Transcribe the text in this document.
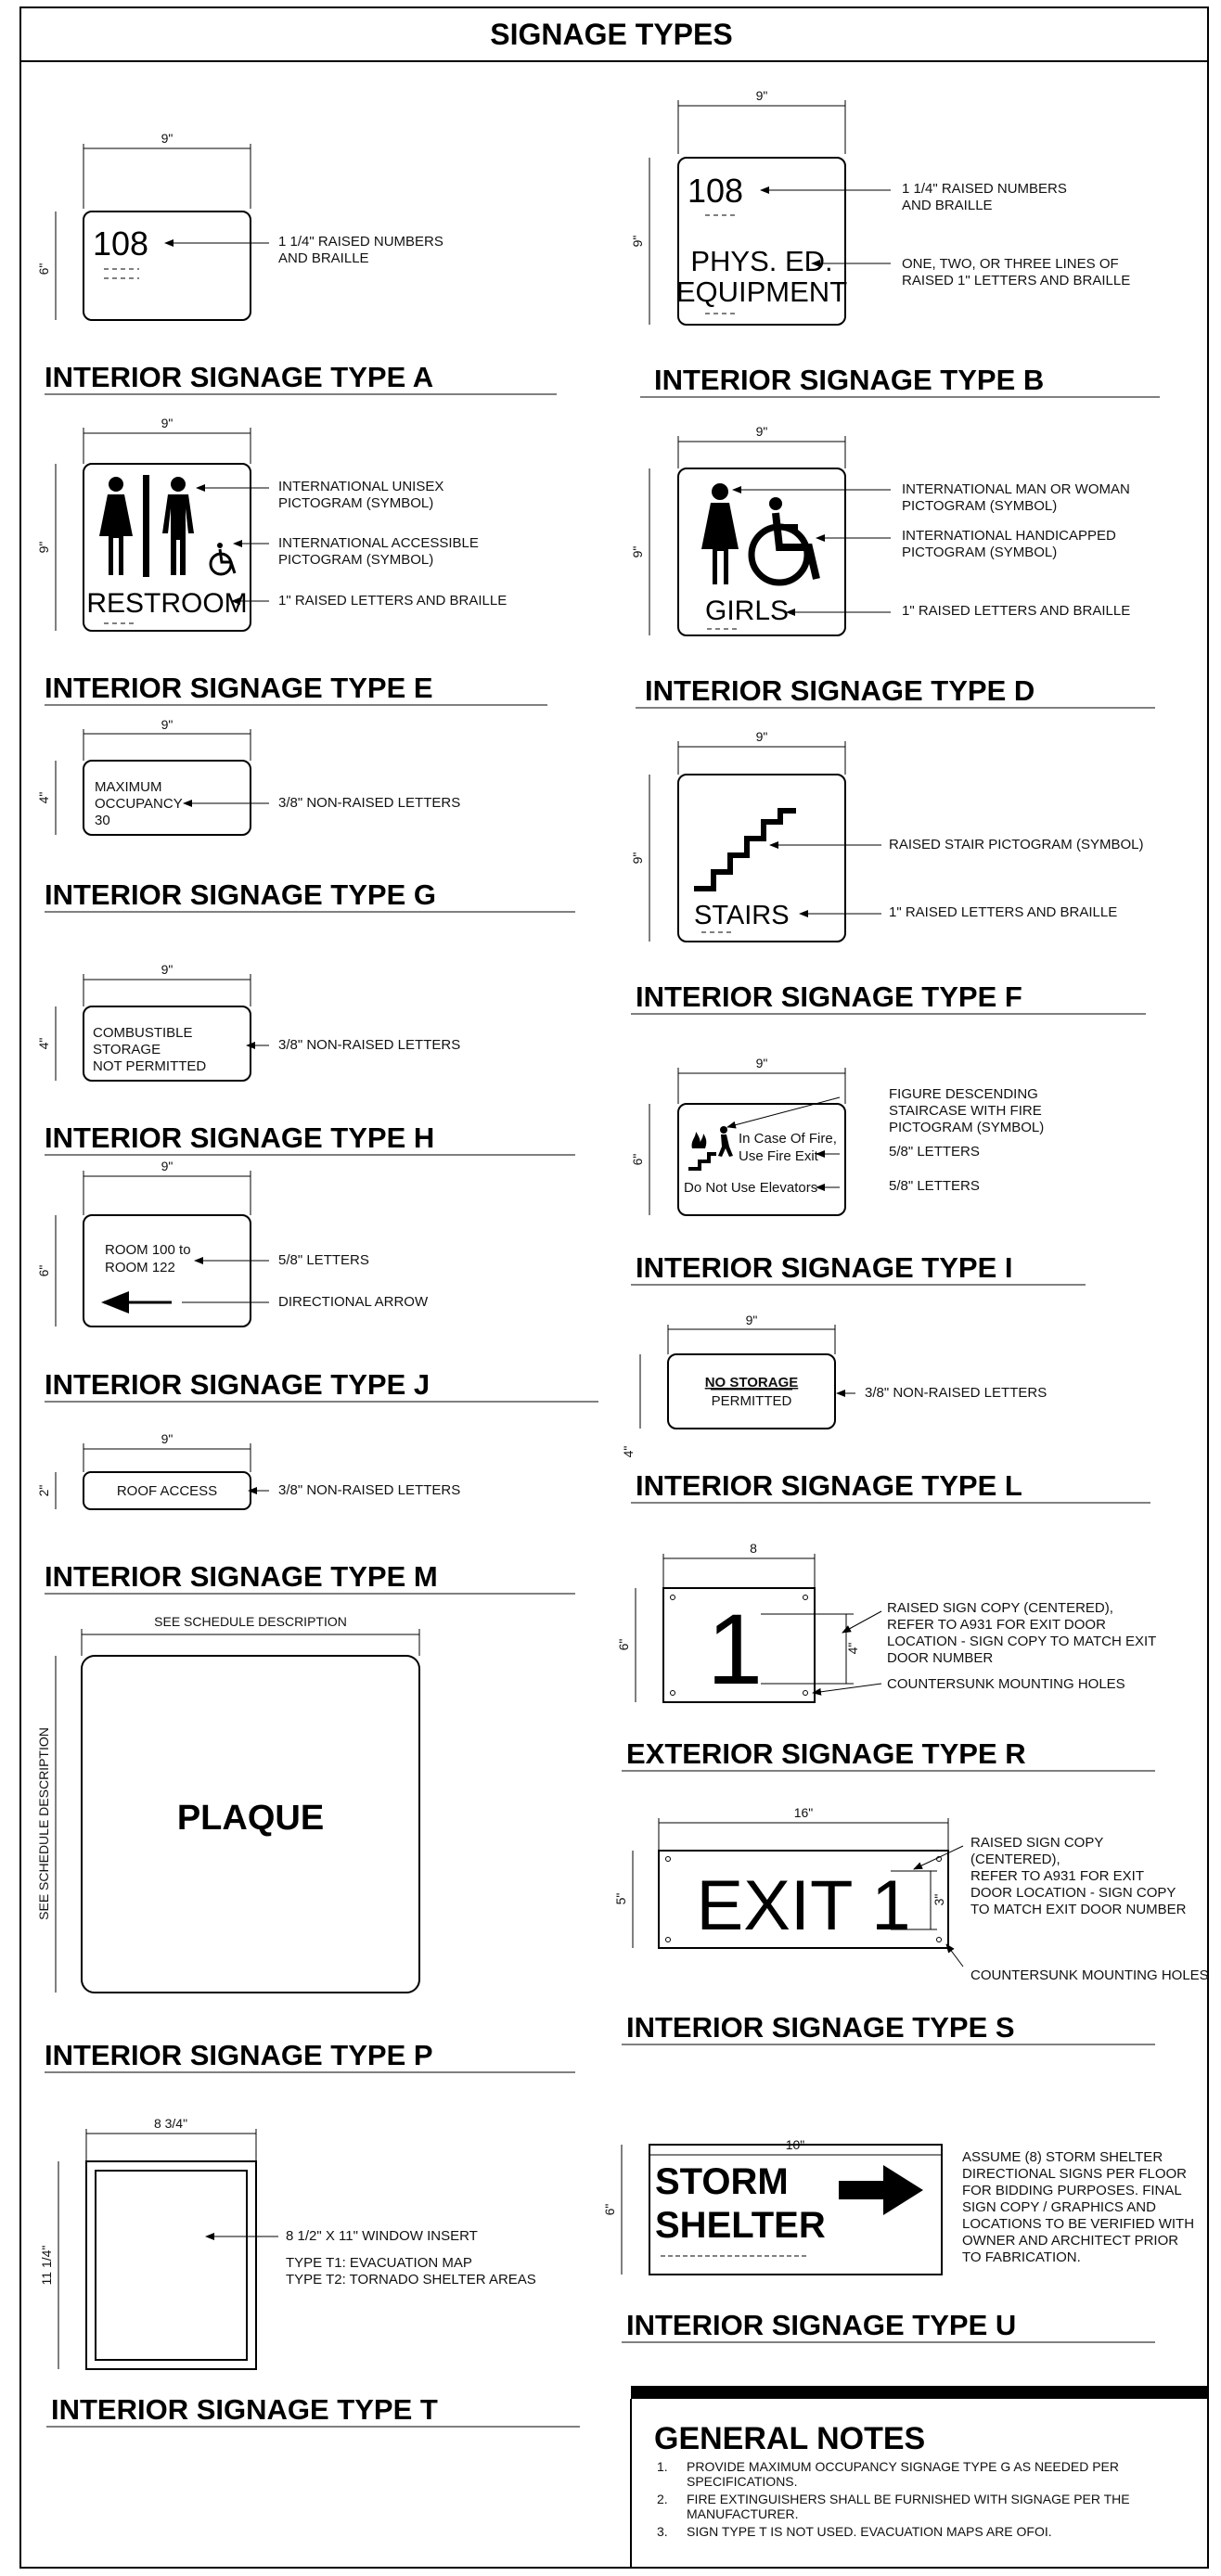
SIGNAGE TYPES
9"
6"
108	1 1/4" RAISED NUMBERS
AND BRAILLE
INTERIOR SIGNAGE TYPE A
9"
9"
108
PHYS. ED.
EQUIPMENT
1 1/4" RAISED NUMBERS
AND BRAILLE
ONE, TWO, OR THREE LINES OF
RAISED 1" LETTERS AND BRAILLE
INTERIOR SIGNAGE TYPE B
9"
9"
RESTROOM
INTERNATIONAL UNISEX
PICTOGRAM (SYMBOL)
INTERNATIONAL ACCESSIBLE
PICTOGRAM (SYMBOL)
1" RAISED LETTERS AND BRAILLE
INTERIOR SIGNAGE TYPE E
9"
9"
GIRLS
INTERNATIONAL MAN OR WOMAN
PICTOGRAM (SYMBOL)
INTERNATIONAL HANDICAPPED
PICTOGRAM (SYMBOL)
1" RAISED LETTERS AND BRAILLE
INTERIOR SIGNAGE TYPE D
9"
4"
MAXIMUM
OCCUPANCY
30
3/8" NON-RAISED LETTERS
INTERIOR SIGNAGE TYPE G
9"
9"
STAIRS
RAISED STAIR PICTOGRAM (SYMBOL)
1" RAISED LETTERS AND BRAILLE
INTERIOR SIGNAGE TYPE F
9"
4"
COMBUSTIBLE
STORAGE
NOT PERMITTED
3/8" NON-RAISED LETTERS
INTERIOR SIGNAGE TYPE H
9"
6"
In Case Of Fire,
Use Fire Exit
Do Not Use Elevators
FIGURE DESCENDING
STAIRCASE WITH FIRE
PICTOGRAM (SYMBOL)
5/8" LETTERS
5/8" LETTERS
INTERIOR SIGNAGE TYPE I
9"
6"
ROOM 100 to
ROOM 122	5/8" LETTERS
DIRECTIONAL ARROW
INTERIOR SIGNAGE TYPE J
9"
4"
NO STORAGE
PERMITTED
3/8" NON-RAISED LETTERS
INTERIOR SIGNAGE TYPE L
9"
2"	ROOF ACCESS	3/8" NON-RAISED LETTERS
INTERIOR SIGNAGE TYPE M
8
6" 1	4"
RAISED SIGN COPY (CENTERED),
REFER TO A931 FOR EXIT DOOR
LOCATION - SIGN COPY TO MATCH EXIT
DOOR NUMBER
COUNTERSUNK MOUNTING HOLES
EXTERIOR SIGNAGE TYPE R
SEE SCHEDULE DESCRIPTION
SEE SCHEDULE DESCRIPTION	PLAQUE
INTERIOR SIGNAGE TYPE P
16"
5" EXIT 1 3"
RAISED SIGN COPY
(CENTERED),
REFER TO A931 FOR EXIT
DOOR LOCATION - SIGN COPY
TO MATCH EXIT DOOR NUMBER
COUNTERSUNK MOUNTING HOLES
INTERIOR SIGNAGE TYPE S
8 3/4"
11 1/4"
8 1/2" X 11" WINDOW INSERT
TYPE T1: EVACUATION MAP
TYPE T2: TORNADO SHELTER AREAS
INTERIOR SIGNAGE TYPE T
10"
6"
STORM
SHELTER
ASSUME (8) STORM SHELTER
DIRECTIONAL SIGNS PER FLOOR
FOR BIDDING PURPOSES. FINAL
SIGN COPY / GRAPHICS AND
LOCATIONS TO BE VERIFIED WITH
OWNER AND ARCHITECT PRIOR
TO FABRICATION.
INTERIOR SIGNAGE TYPE U
GENERAL NOTES
1. PROVIDE MAXIMUM OCCUPANCY SIGNAGE TYPE G AS NEEDED PER
SPECIFICATIONS.
2. FIRE EXTINGUISHERS SHALL BE FURNISHED WITH SIGNAGE PER THE
MANUFACTURER.
3. SIGN TYPE T IS NOT USED. EVACUATION MAPS ARE OFOI.
